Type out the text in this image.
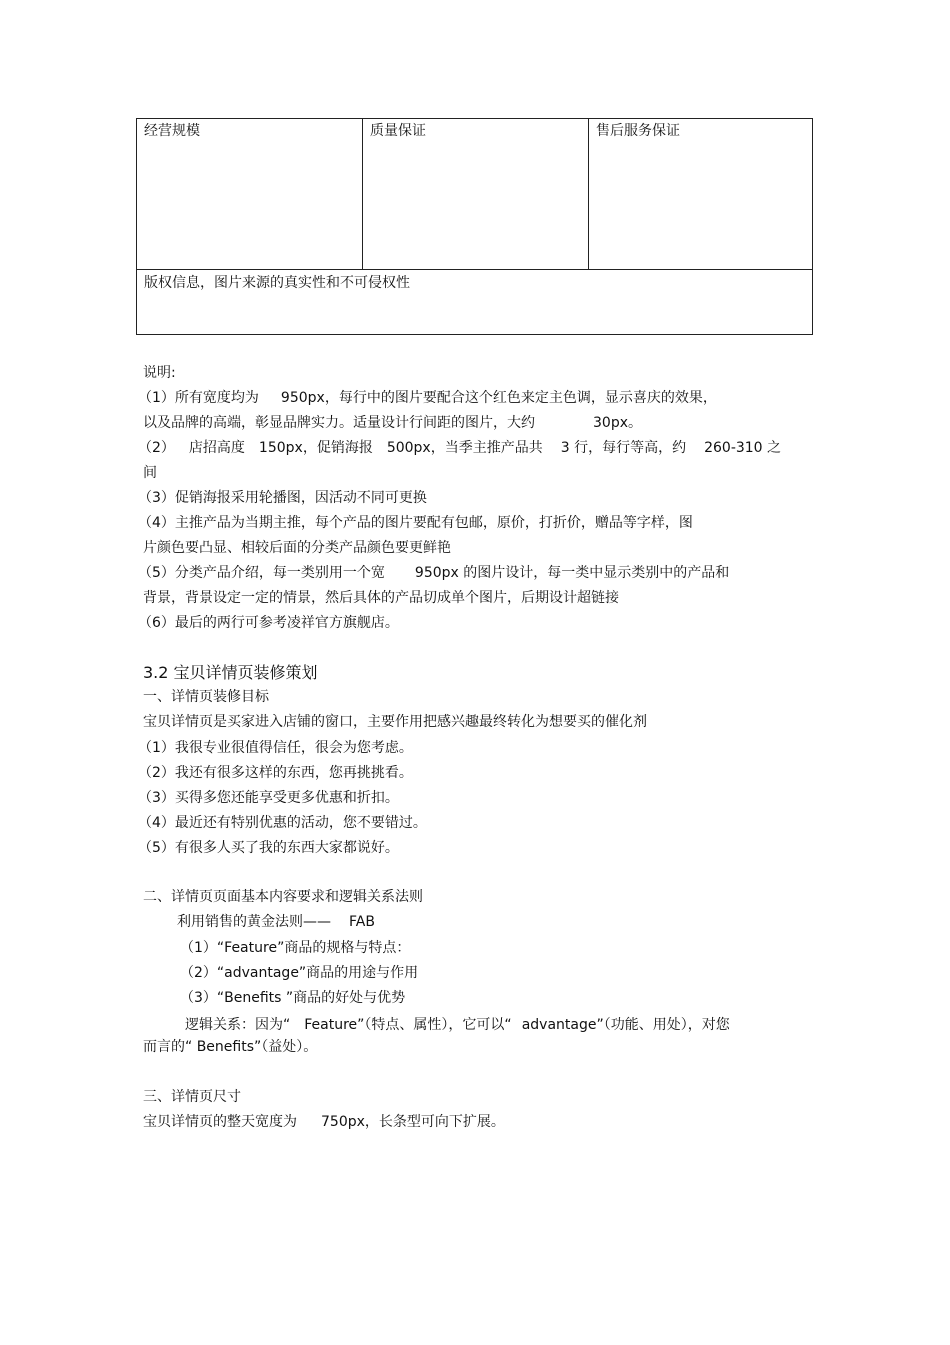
经营规模	质量保证	售后服务保证
版权信息，图片来源的真实性和不可侵权性
说明:
（1）所有宽度均为 950px，每行中的图片要配合这个红色来定主色调，显示喜庆的效果，
以及品牌的高端，彰显品牌实力。适量设计行间距的图片，大约	30px。
（2） 店招高度 150px，促销海报 500px，当季主推产品共 3 行，每行等高，约 260-310 之
间
（3）促销海报采用轮播图，因活动不同可更换
（4）主推产品为当期主推，每个产品的图片要配有包邮，原价，打折价，赠品等字样，图
片颜色要凸显、相较后面的分类产品颜色要更鲜艳
（5）分类产品介绍，每一类别用一个宽 950px 的图片设计，每一类中显示类别中的产品和
背景，背景设定一定的情景，然后具体的产品切成单个图片，后期设计超链接
（6）最后的两行可参考凌祥官方旗舰店。
3.2 宝贝详情页装修策划
一、详情页装修目标
宝贝详情页是买家进入店铺的窗口，主要作用把感兴趣最终转化为想要买的催化剂
（1）我很专业很值得信任，很会为您考虑。
（2）我还有很多这样的东西，您再挑挑看。
（3）买得多您还能享受更多优惠和折扣。
（4）最近还有特别优惠的活动，您不要错过。
（5）有很多人买了我的东西大家都说好。
二、详情页页面基本内容要求和逻辑关系法则
利用销售的黄金法则—— FAB
（1）“Feature”商品的规格与特点：
（2）“advantage”商品的用途与作用
（3）“Benefits ”商品的好处与优势
逻辑关系：因为“ Feature”（特点、属性），它可以“ advantage”（功能、用处），对您
而言的“ Benefits”（益处）。
三、详情页尺寸
宝贝详情页的整天宽度为 750px，长条型可向下扩展。
